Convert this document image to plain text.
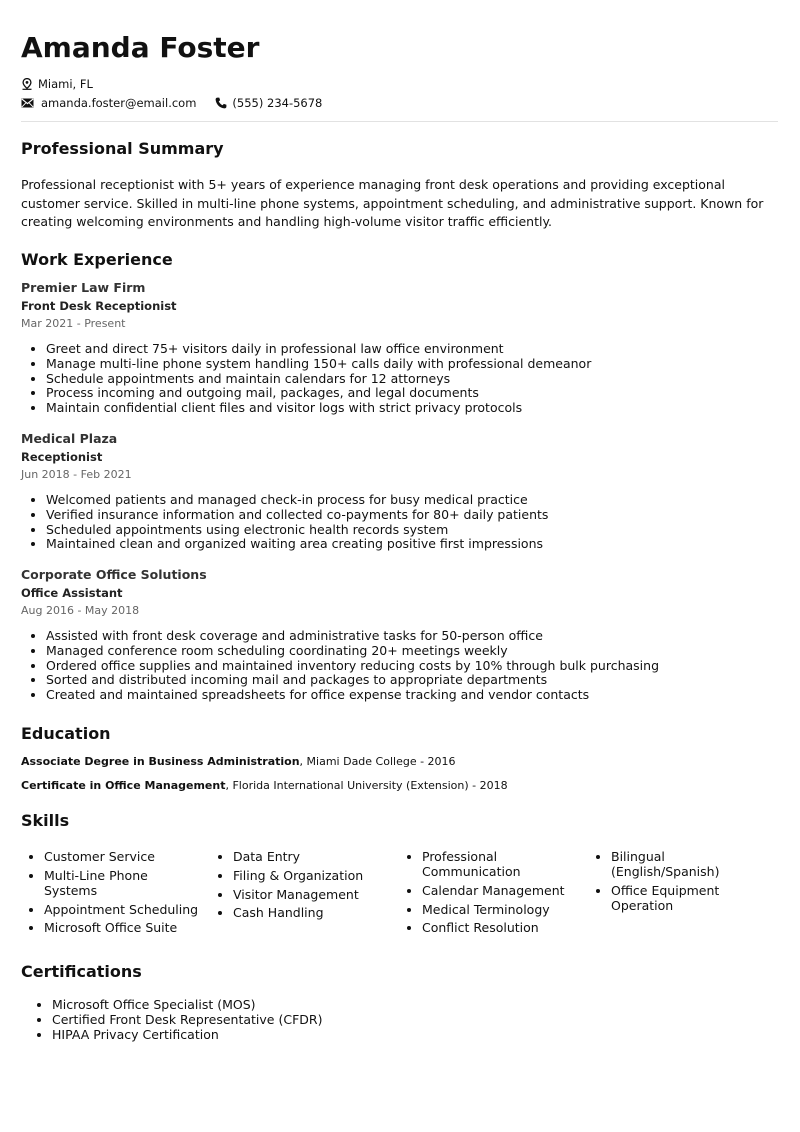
Amanda Foster
Miami, FL
amanda.foster@email.com	(555) 234-5678
Professional Summary

Professional receptionist with 5+ years of experience managing front desk operations and providing exceptional customer service. Skilled in multi-line phone systems, appointment scheduling, and administrative support. Known for creating welcoming environments and handling high-volume visitor traffic efficiently.

Work Experience
Premier Law Firm
Front Desk Receptionist
Mar 2021 - Present
• Greet and direct 75+ visitors daily in professional law office environment
• Manage multi-line phone system handling 150+ calls daily with professional demeanor
• Schedule appointments and maintain calendars for 12 attorneys
• Process incoming and outgoing mail, packages, and legal documents
• Maintain confidential client files and visitor logs with strict privacy protocols
Medical Plaza
Receptionist
Jun 2018 - Feb 2021
• Welcomed patients and managed check-in process for busy medical practice
• Verified insurance information and collected co-payments for 80+ daily patients
• Scheduled appointments using electronic health records system
• Maintained clean and organized waiting area creating positive first impressions
Corporate Office Solutions
Office Assistant
Aug 2016 - May 2018
• Assisted with front desk coverage and administrative tasks for 50-person office
• Managed conference room scheduling coordinating 20+ meetings weekly
• Ordered office supplies and maintained inventory reducing costs by 10% through bulk purchasing
• Sorted and distributed incoming mail and packages to appropriate departments
• Created and maintained spreadsheets for office expense tracking and vendor contacts
Education
Associate Degree in Business Administration, Miami Dade College - 2016
Certificate in Office Management, Florida International University (Extension) - 2018
Skills
• Customer Service
• Multi-Line Phone Systems
• Appointment Scheduling
• Microsoft Office Suite
• Data Entry
• Filing & Organization
• Visitor Management
• Cash Handling
• Professional Communication
• Calendar Management
• Medical Terminology
• Conflict Resolution
• Bilingual (English/Spanish)
• Office Equipment Operation
Certifications
• Microsoft Office Specialist (MOS)
• Certified Front Desk Representative (CFDR)
• HIPAA Privacy Certification
